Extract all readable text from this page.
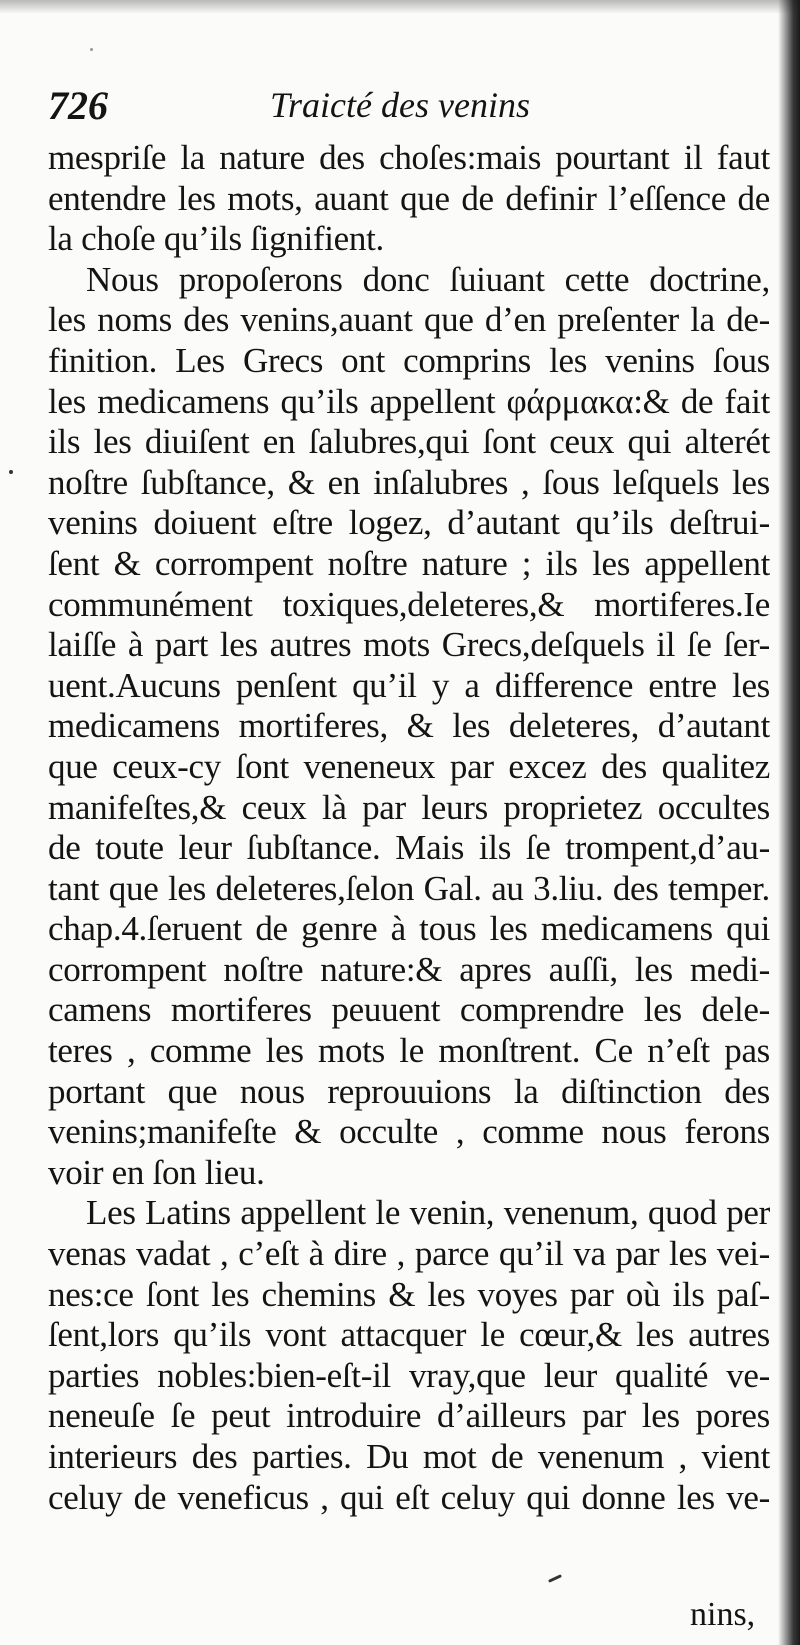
726	Traicté des venins
mespriſe la nature des choſes:mais pourtant il faut
entendre les mots, auant que de definir l’eſſence de
la choſe qu’ils ſignifient.
Nous propoſerons donc ſuiuant cette doctrine,
les noms des venins,auant que d’en preſenter la de-
finition. Les Grecs ont comprins les venins ſous
les medicamens qu’ils appellent φάρμακα:& de fait
ils les diuiſent en ſalubres,qui ſont ceux qui alterét
noſtre ſubſtance, & en inſalubres , ſous leſquels les
venins doiuent eſtre logez, d’autant qu’ils deſtrui-
ſent & corrompent noſtre nature ; ils les appellent
communément toxiques,deleteres,& mortiferes.Ie
laiſſe à part les autres mots Grecs,deſquels il ſe ſer-
uent.Aucuns penſent qu’il y a difference entre les
medicamens mortiferes, & les deleteres, d’autant
que ceux-cy ſont veneneux par excez des qualitez
manifeſtes,& ceux là par leurs proprietez occultes
de toute leur ſubſtance. Mais ils ſe trompent,d’au-
tant que les deleteres,ſelon Gal. au 3.liu. des temper.
chap.4.ſeruent de genre à tous les medicamens qui
corrompent noſtre nature:& apres auſſi, les medi-
camens mortiferes peuuent comprendre les dele-
teres , comme les mots le monſtrent. Ce n’eſt pas
portant que nous reprouuions la diſtinction des
venins;manifeſte & occulte , comme nous ferons
voir en ſon lieu.
Les Latins appellent le venin, venenum, quod per
venas vadat , c’eſt à dire , parce qu’il va par les vei-
nes:ce ſont les chemins & les voyes par où ils paſ-
ſent,lors qu’ils vont attacquer le cœur,& les autres
parties nobles:bien-eſt-il vray,que leur qualité ve-
neneuſe ſe peut introduire d’ailleurs par les pores
interieurs des parties. Du mot de venenum , vient
celuy de veneficus , qui eſt celuy qui donne les ve-
nins,
